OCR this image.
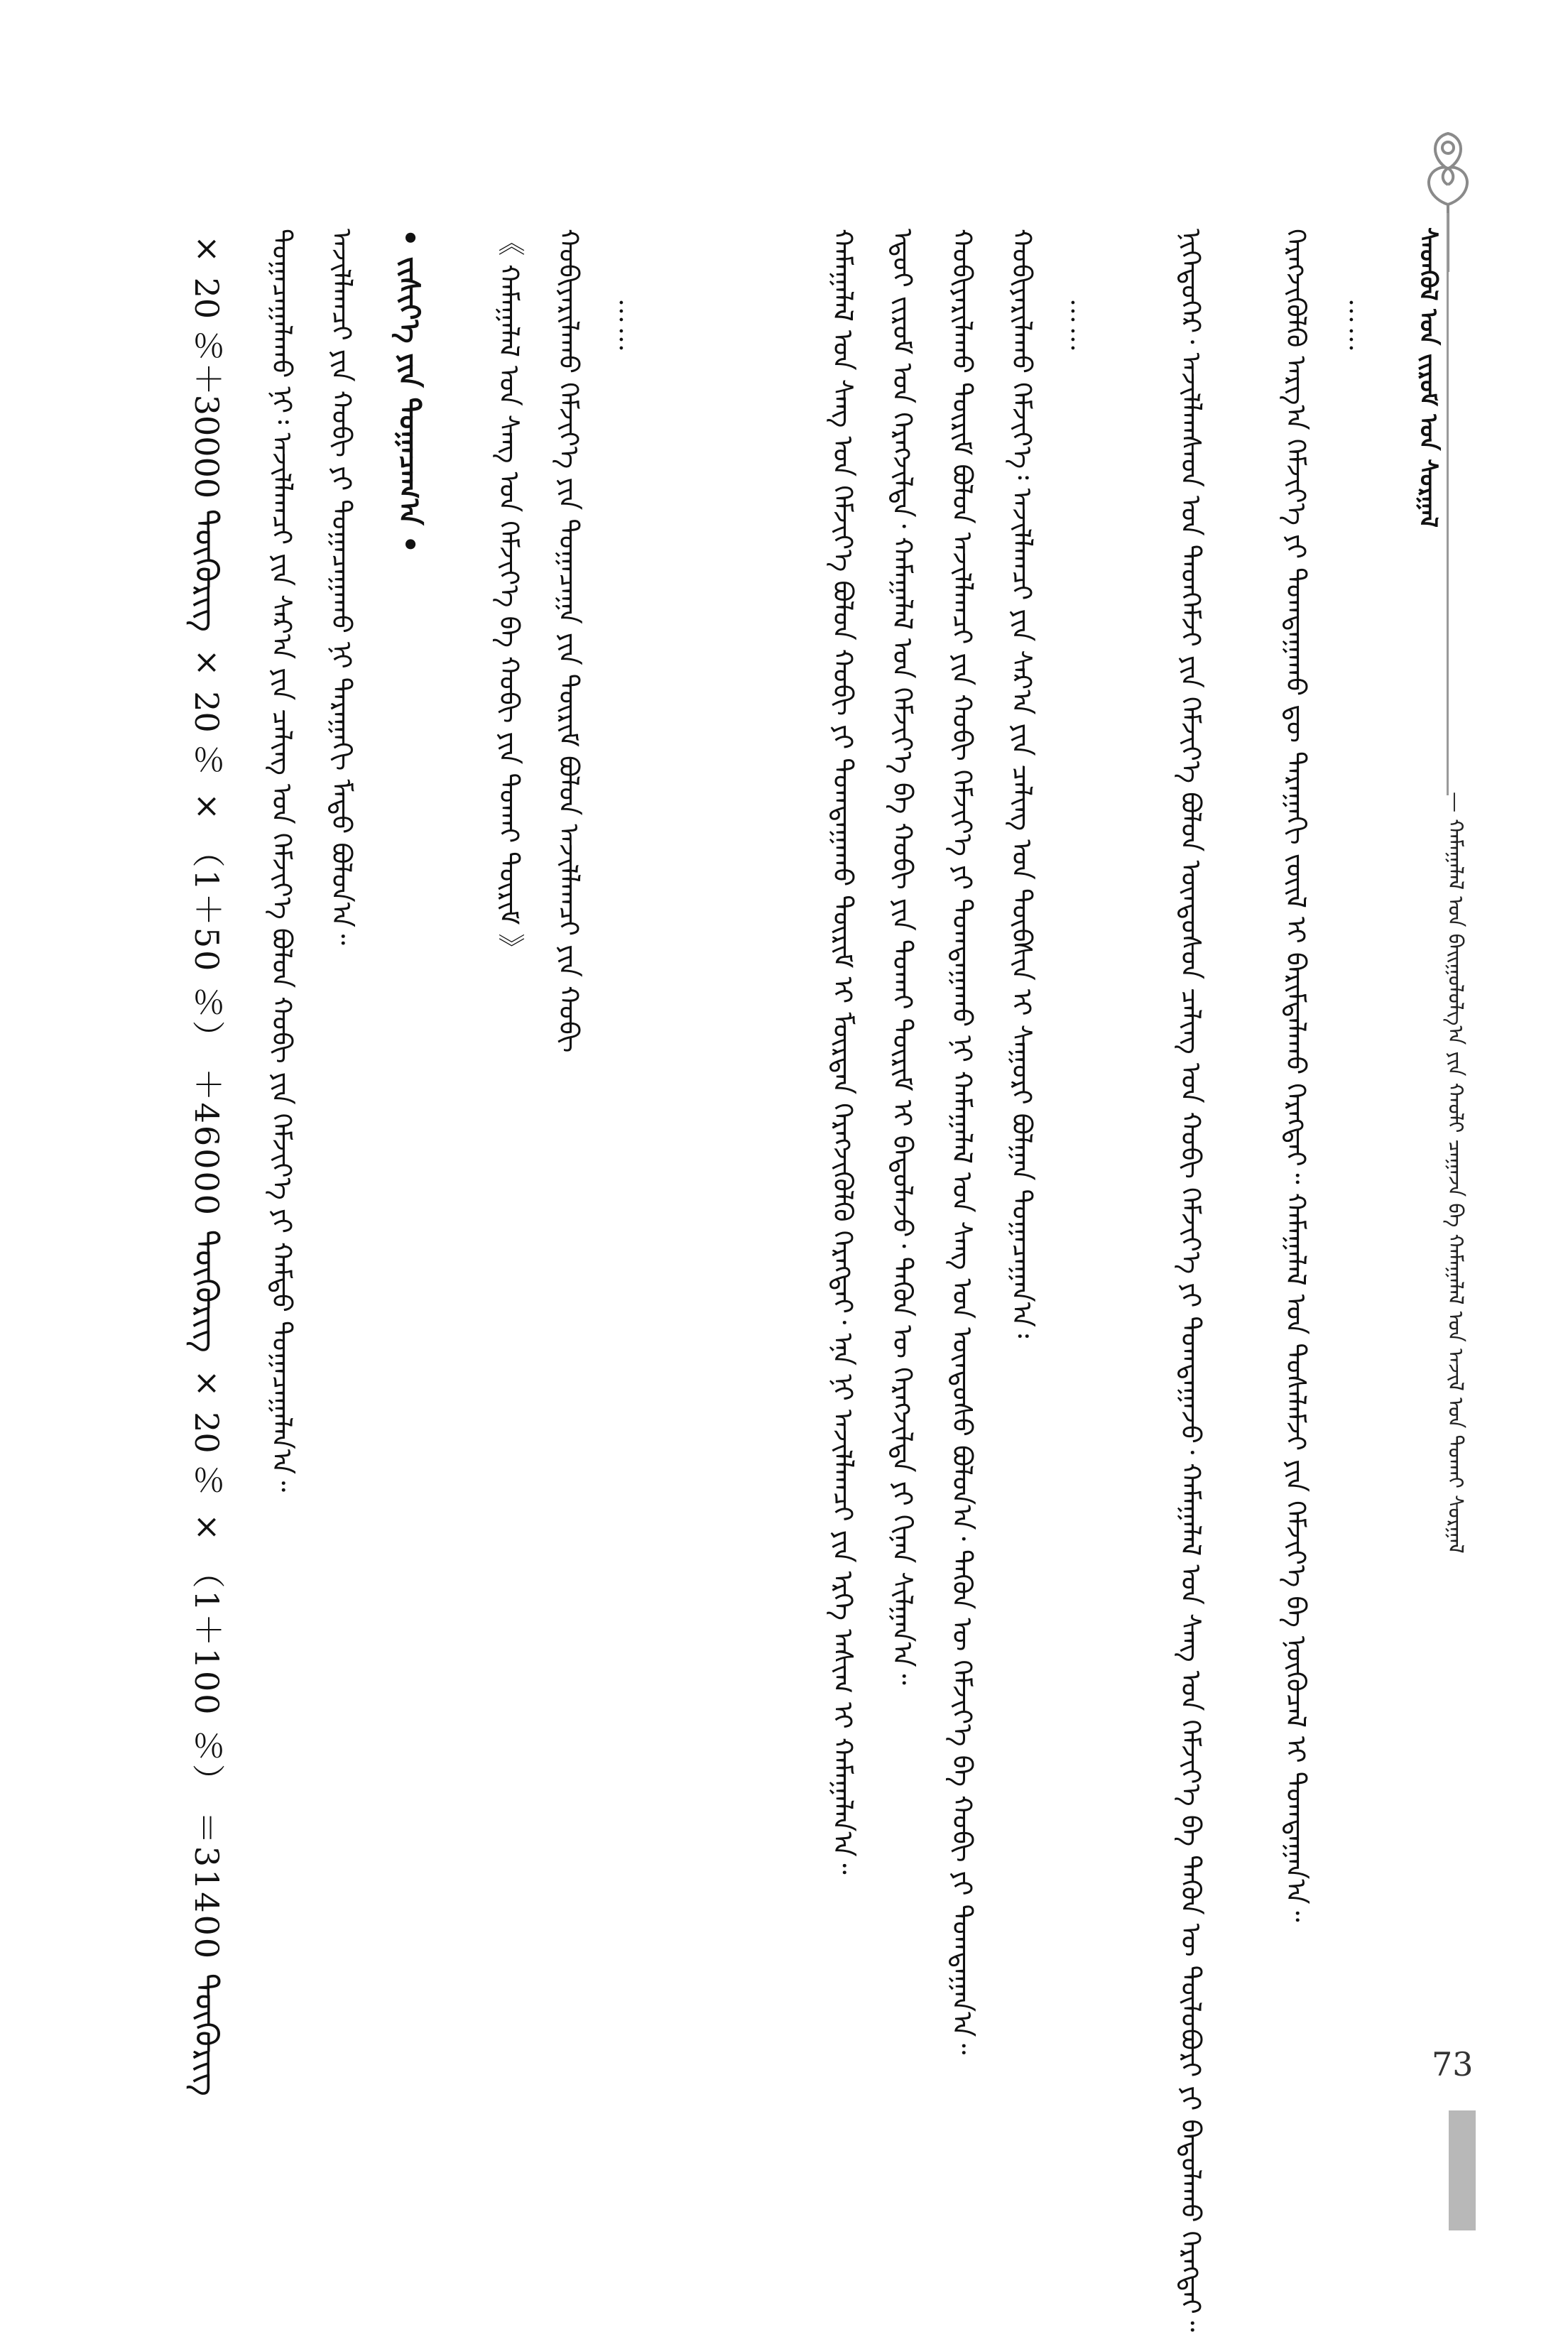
ᠰᠡᠳᠬᠦᠯ ᠤᠨ ᠵᠢᠷᠤᠮ ᠤᠨ ᠰᠤᠷᠭᠠᠯ

— ᠬᠠᠮᠠᠭᠠᠯᠠᠯ ᠤᠨ ᠪᠠᠢᠭᠤᠯᠤᠯᠭ᠎ᠠ ᠶᠢᠨ ᠬᠠᠤᠯᠢ ᠴᠠᠭᠠᠵᠠ ᠪᠠ ᠬᠠᠮᠠᠭᠠᠯᠠᠯ ᠤᠨ ᠠᠵᠢᠯ ᠤᠨ ᠲᠤᠬᠠᠢ ᠰᠤᠷᠭᠠᠯ

……

ᠬᠡᠷᠡᠭᠵᠢᠭᠦᠯᠬᠦ ᠠᠷᠭ᠎ᠠ ᠬᠡᠮᠵᠢᠶ᠎ᠡ ᠶᠢ ᠲᠣᠭᠲᠠᠭᠠᠬᠤ ᠳᠦ ᠳᠠᠷᠠᠭᠠᠬᠢ ᠵᠦᠢᠯ ᠢ ᠪᠠᠷᠢᠮᠲᠠᠯᠠᠬᠤ ᠬᠡᠷᠡᠭᠲᠡᠢ᠃ ᠬᠠᠮᠠᠭᠠᠯᠠᠯ ᠤᠨ ᠲᠤᠰᠠᠯᠠᠮᠵᠢ ᠶᠢᠨ ᠬᠡᠮᠵᠢᠶ᠎ᠡ ᠪᠠ ᠨᠥᠬᠦᠴᠡᠯ ᠢ ᠲᠣᠭᠲᠠᠭᠠᠨ᠎ᠠ᠃

ᠨᠢᠭᠡᠳᠦᠭᠡᠷ᠂ ᠠᠵᠢᠯᠯᠠᠭᠰᠠᠳ ᠤᠨ ᠲᠡᠳᠬᠡᠮᠵᠢ ᠶᠢᠨ ᠬᠡᠮᠵᠢᠶ᠎ᠡ ᠪᠣᠯᠤᠨ ᠦᠨᠳᠦᠰᠦᠨ ᠴᠠᠯᠢᠩ ᠤᠨ ᠬᠤᠪᠢ ᠬᠡᠮᠵᠢᠶ᠎ᠡ ᠶᠢ ᠲᠣᠭᠲᠠᠭᠠᠵᠤ᠂ ᠬᠠᠮᠠᠭᠠᠯᠠᠯ ᠤᠨ ᠰᠠᠩ ᠤᠨ ᠬᠡᠮᠵᠢᠶ᠎ᠡ ᠪᠠ ᠲᠡᠭᠦᠨ ᠦ ᠲᠥᠯᠦᠪᠦᠷᠢ ᠶᠢ ᠪᠠᠲᠤᠯᠠᠬᠤ ᠬᠡᠷᠡᠭᠲᠡᠢ᠃

……

ᠬᠤᠪᠢᠶᠠᠷᠢᠯᠠᠬᠤ ᠬᠡᠮᠵᠢᠶ᠎ᠡ᠄ ᠠᠵᠢᠯᠯᠠᠭᠴᠢ ᠶᠢᠨ ᠰᠠᠷ᠎ᠠ ᠶᠢᠨ ᠴᠠᠯᠢᠩ ᠤᠨ ᠲᠦᠪᠰᠢᠨ ᠢ ᠰᠠᠭᠤᠷᠢ ᠪᠣᠯᠭᠠᠨ ᠲᠣᠭᠠᠴᠠᠭᠠᠨ᠎ᠠ᠄

ᠬᠤᠪᠢᠶᠠᠷᠢᠯᠠᠬᠤ ᠳᠦᠷᠢᠮ ᠪᠣᠯᠤᠨ ᠠᠵᠢᠯᠯᠠᠭᠴᠢ ᠶᠢᠨ ᠬᠤᠪᠢ ᠬᠡᠮᠵᠢᠶ᠎ᠡ ᠶᠢ ᠲᠣᠭᠲᠠᠭᠠᠬᠤ ᠨᠢ ᠬᠠᠮᠠᠭᠠᠯᠠᠯ ᠤᠨ ᠰᠠᠩ ᠤᠨ ᠦᠨᠳᠦᠰᠦ ᠪᠣᠯᠤᠨ᠎ᠠ᠂ ᠲᠡᠭᠦᠨ ᠦ ᠬᠡᠮᠵᠢᠶ᠎ᠡ ᠪᠠ ᠬᠤᠪᠢ ᠶᠢ ᠲᠣᠭᠲᠠᠭᠠᠨ᠎ᠠ᠃

ᠡᠳ᠋ᠦᠢ ᠵᠢᠷᠤᠮ ᠤᠨ ᠬᠡᠷᠡᠭᠵᠢᠯᠲᠡ᠂ ᠬᠠᠮᠠᠭᠠᠯᠠᠯ ᠤᠨ ᠬᠡᠮᠵᠢᠶ᠎ᠡ ᠪᠠ ᠬᠤᠪᠢ ᠶᠢᠨ ᠲᠤᠬᠠᠢ ᠳᠦᠷᠢᠮ ᠢ ᠪᠠᠲᠤᠯᠠᠵᠤ᠂ ᠲᠡᠭᠦᠨ ᠦ ᠬᠡᠷᠡᠭᠵᠢᠯᠲᠡ ᠶᠢ ᠬᠢᠨᠠᠨ ᠰᠢᠯᠭᠠᠨ᠎ᠠ᠃

ᠬᠠᠮᠠᠭᠠᠯᠠᠯ ᠤᠨ ᠰᠠᠩ ᠤᠨ ᠬᠡᠮᠵᠢᠶ᠎ᠡ ᠪᠣᠯᠤᠨ ᠬᠤᠪᠢ ᠶᠢ ᠲᠣᠭᠲᠠᠭᠠᠬᠤ ᠳᠦᠷᠢᠮ ᠢ ᠮᠥᠷᠳᠡᠨ ᠬᠡᠷᠡᠭᠵᠢᠭᠦᠯᠬᠦ ᠬᠡᠷᠡᠭᠲᠡᠢ᠂ ᠡᠨᠡ ᠨᠢ ᠠᠵᠢᠯᠯᠠᠭᠴᠢ ᠶᠢᠨ ᠡᠷᠬᠡ ᠠᠰᠢᠭ ᠢ ᠬᠠᠮᠠᠭᠠᠯᠠᠨ᠎ᠠ᠃

……

ᠬᠤᠪᠢᠶᠠᠷᠢᠯᠠᠬᠤ ᠬᠡᠮᠵᠢᠶ᠎ᠡ ᠶᠢᠨ ᠲᠣᠭᠠᠴᠠᠭᠠ ᠶᠢᠨ ᠳᠦᠷᠢᠮ ᠪᠣᠯᠤᠨ ᠠᠵᠢᠯᠯᠠᠭᠴᠢ ᠶᠢᠨ ᠬᠤᠪᠢ

《 ᠬᠠᠮᠠᠭᠠᠯᠠᠯ ᠤᠨ ᠰᠠᠩ ᠤᠨ ᠬᠡᠮᠵᠢᠶ᠎ᠡ ᠪᠠ ᠬᠤᠪᠢ ᠶᠢᠨ ᠲᠤᠬᠠᠢ ᠳᠦᠷᠢᠮ 》

• ᠵᠢᠱᠢᠶ᠎ᠡ ᠶᠢᠨ ᠲᠣᠭᠠᠴᠠᠭ᠎ᠠ •

ᠠᠵᠢᠯᠯᠠᠭᠴᠢ ᠶᠢᠨ ᠬᠤᠪᠢ ᠶᠢ ᠲᠣᠭᠠᠴᠠᠭᠠᠬᠤ ᠨᠢ ᠳᠠᠷᠠᠭᠠᠬᠢ ᠮᠡᠲᠦ ᠪᠣᠯᠤᠨ᠎ᠠ᠃

ᠲᠣᠭᠠᠴᠠᠭᠠᠯᠠᠬᠤ ᠨᠢ᠄ ᠠᠵᠢᠯᠯᠠᠭᠴᠢ ᠶᠢᠨ ᠰᠠᠷ᠎ᠠ ᠶᠢᠨ ᠴᠠᠯᠢᠩ ᠤᠨ ᠬᠡᠮᠵᠢᠶ᠎ᠡ ᠪᠣᠯᠤᠨ ᠬᠤᠪᠢ ᠶᠢᠨ ᠬᠡᠮᠵᠢᠶ᠎ᠡ ᠶᠢ ᠬᠠᠮᠲᠤ ᠲᠣᠭᠠᠴᠠᠭᠠᠯᠠᠨ᠎ᠠ᠃

× 20 ％＋30000 ᠲᠥᠭᠦᠷᠢᠭ × 20 ％ × （1＋50 ％） ＋46000 ᠲᠥᠭᠦᠷᠢᠭ × 20 ％ × （1＋100 ％） ＝31400 ᠲᠥᠭᠦᠷᠢᠭ	73
